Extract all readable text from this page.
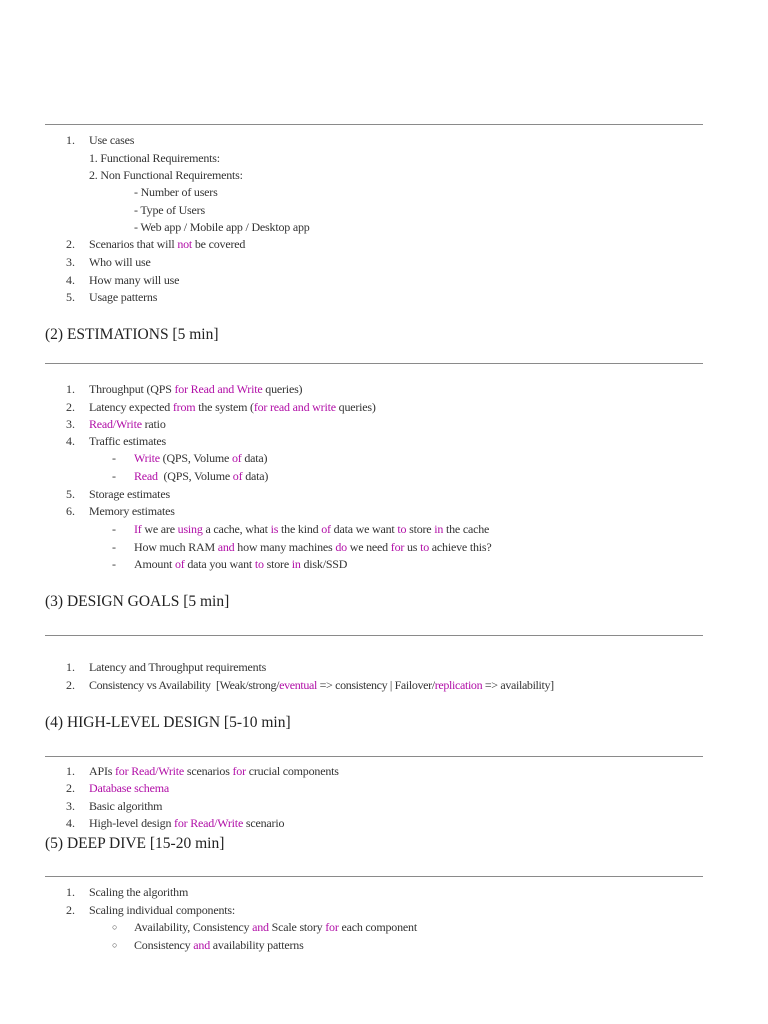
1. Use cases
1. Functional Requirements:
2. Non Functional Requirements:
- Number of users
- Type of Users
- Web app / Mobile app / Desktop app
2. Scenarios that will not be covered
3. Who will use
4. How many will use
5. Usage patterns
(2) ESTIMATIONS [5 min]
1. Throughput (QPS for Read and Write queries)
2. Latency expected from the system (for read and write queries)
3. Read/Write ratio
4. Traffic estimates
- Write (QPS, Volume of data)
- Read  (QPS, Volume of data)
5. Storage estimates
6. Memory estimates
- If we are using a cache, what is the kind of data we want to store in the cache
- How much RAM and how many machines do we need for us to achieve this?
- Amount of data you want to store in disk/SSD
(3) DESIGN GOALS [5 min]
1. Latency and Throughput requirements
2. Consistency vs Availability  [Weak/strong/eventual => consistency | Failover/replication => availability]
(4) HIGH-LEVEL DESIGN [5-10 min]
1. APIs for Read/Write scenarios for crucial components
2. Database schema
3. Basic algorithm
4. High-level design for Read/Write scenario
(5) DEEP DIVE [15-20 min]
1. Scaling the algorithm
2. Scaling individual components:
○ Availability, Consistency and Scale story for each component
○ Consistency and availability patterns
